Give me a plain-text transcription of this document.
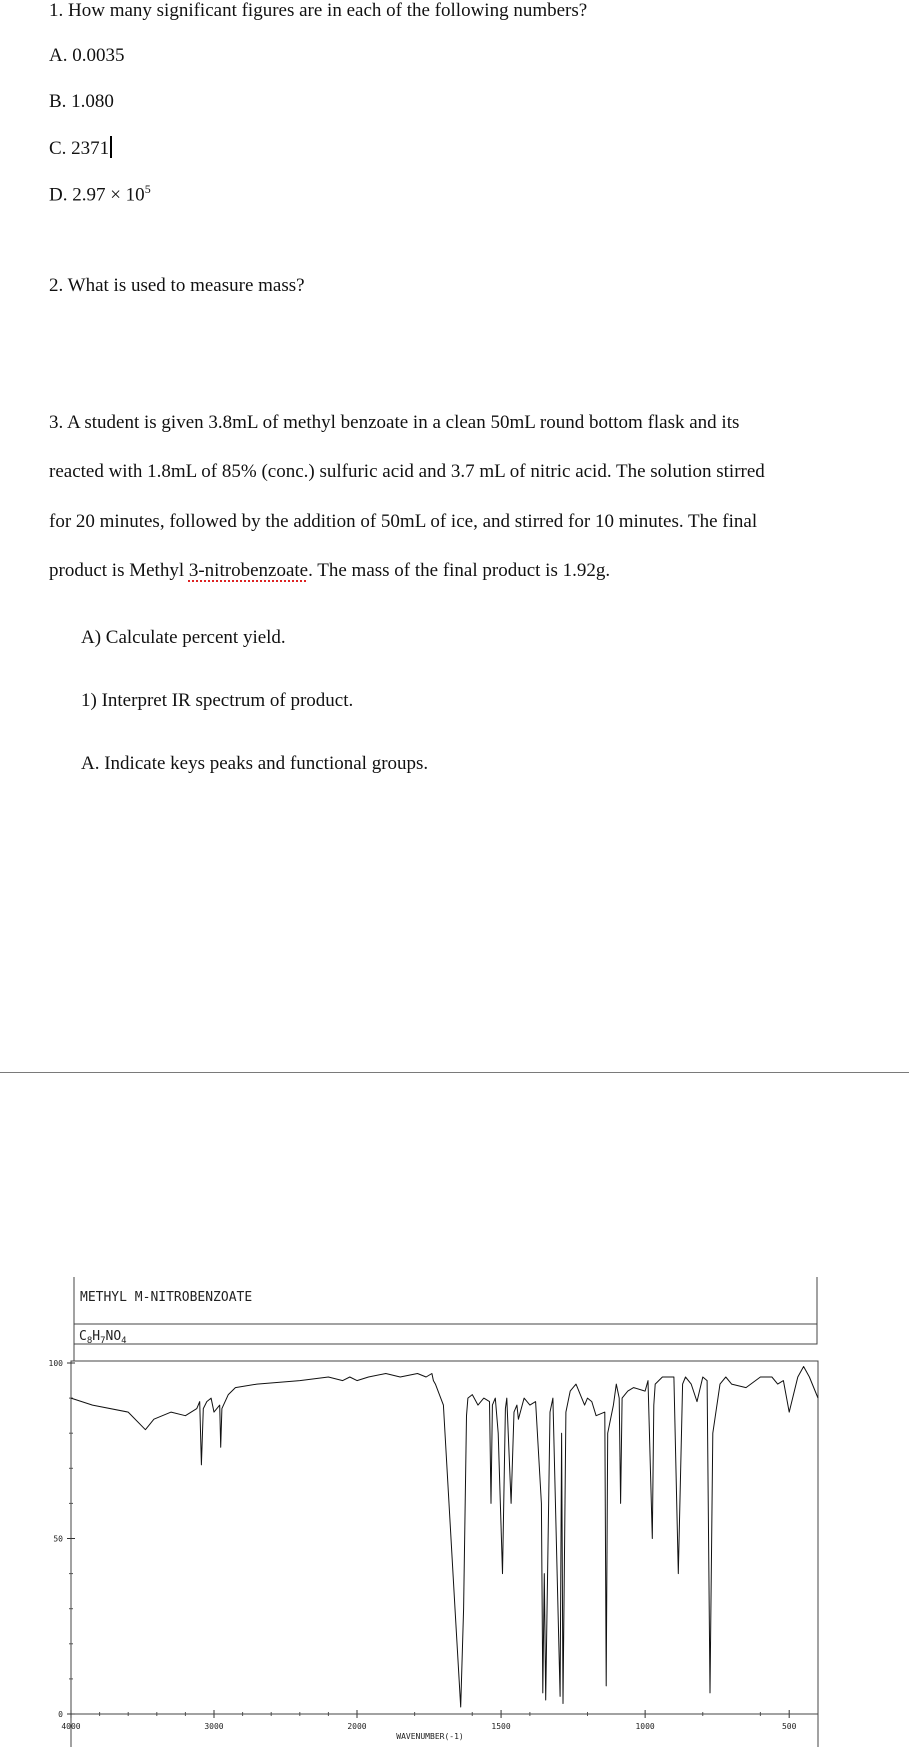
1. How many significant figures are in each of the following numbers?
A. 0.0035
B. 1.080
C. 2371
D. $2.97 \times 10^5$
2. What is used to measure mass?
3. A student is given 3.8mL of methyl benzoate in a clean 50mL round bottom flask and its
reacted with 1.8mL of 85% (conc.) sulfuric acid and 3.7 mL of nitric acid. The solution stirred
for 20 minutes, followed by the addition of 50mL of ice, and stirred for 10 minutes. The final
product is Methyl 3-nitrobenzoate. The mass of the final product is 1.92g.
A) Calculate percent yield.
1) Interpret IR spectrum of product.
A. Indicate keys peaks and functional groups.
METHYL M-NITROBENZOATE
$C_8H_7NO_4$
4000	3000	2000	1500	1000	500
0
50
100
WAVENUMBER(-1)
